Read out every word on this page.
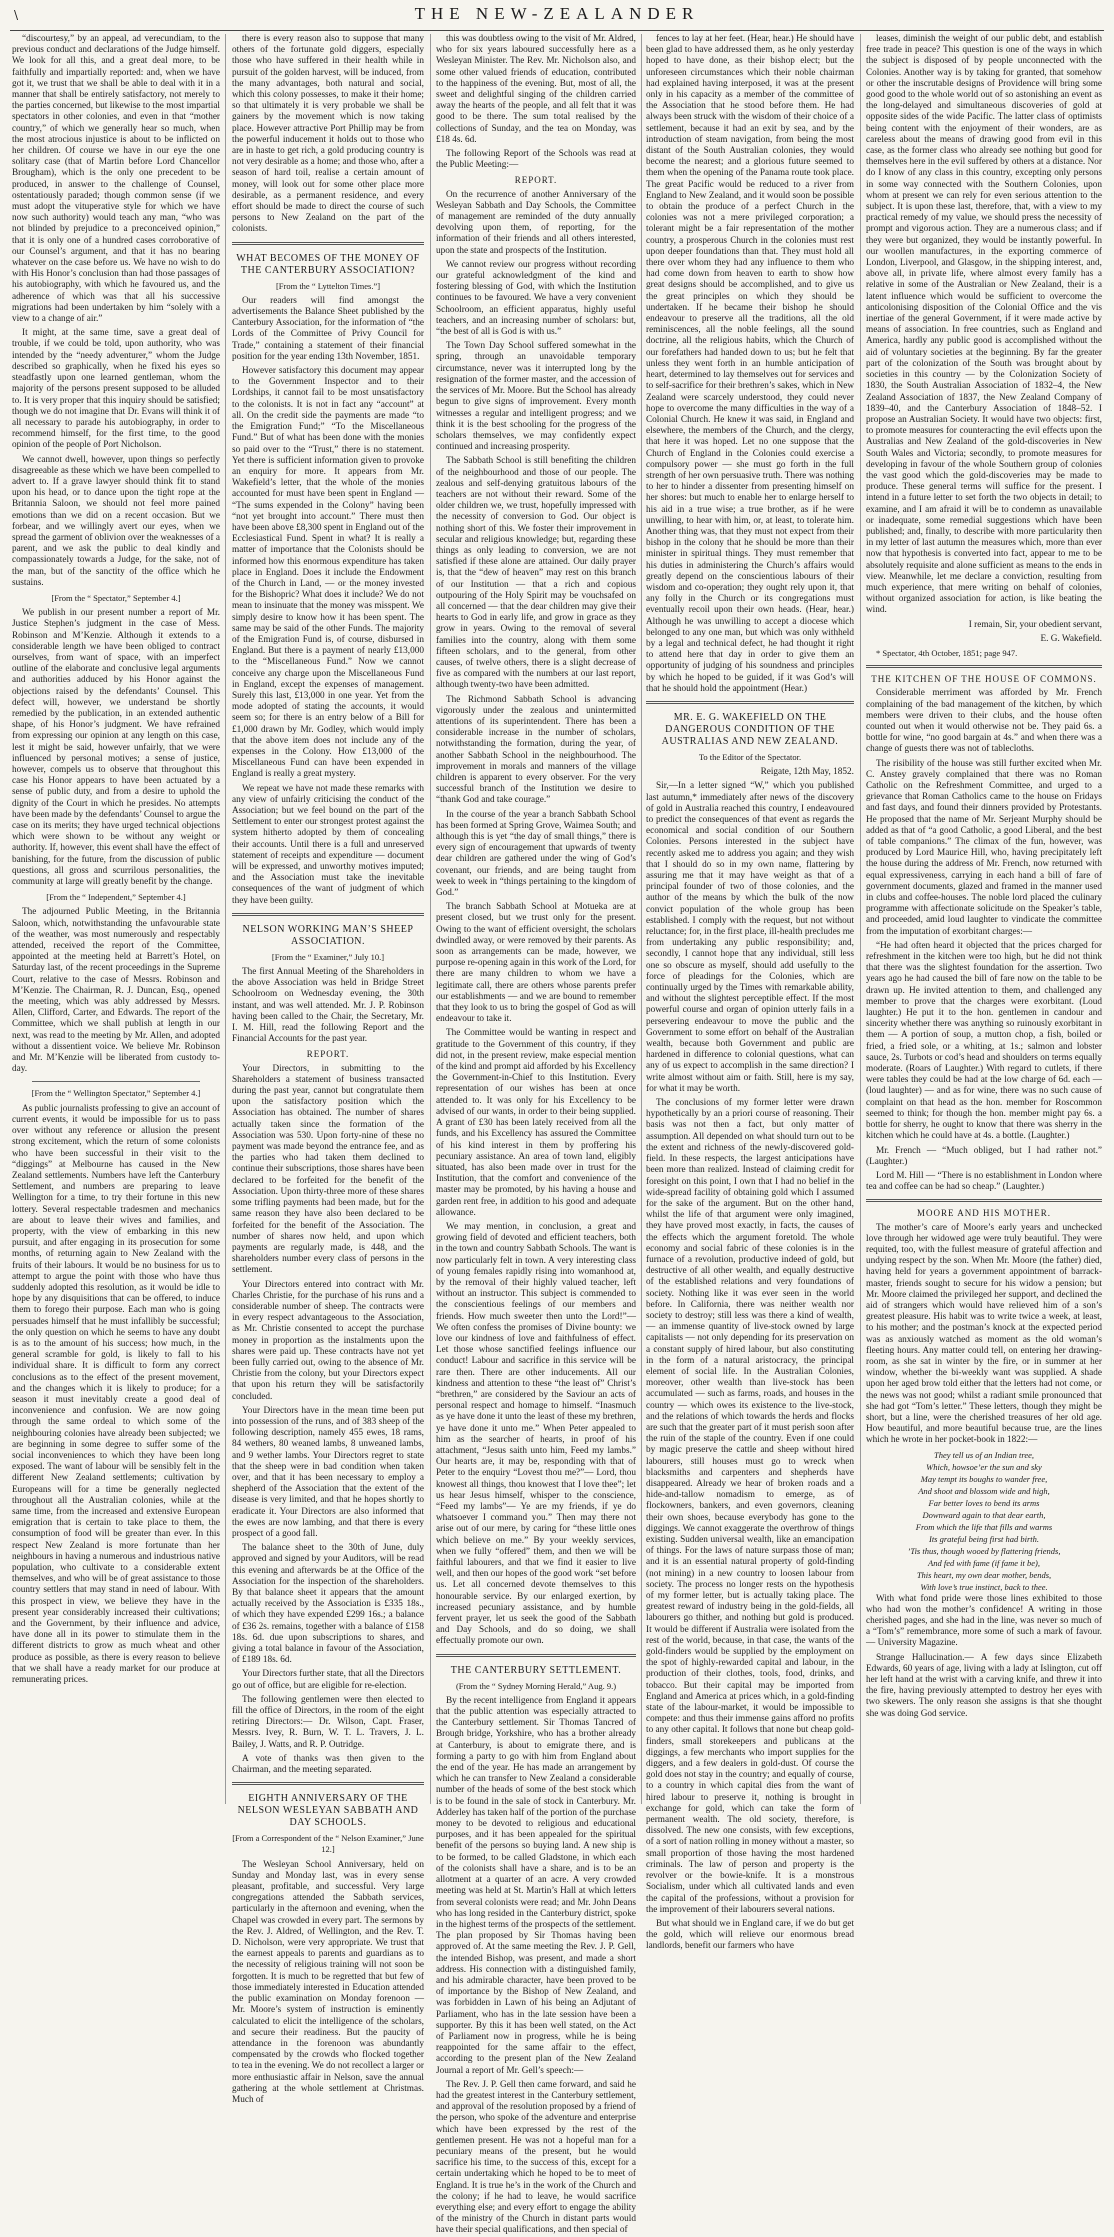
\	THE NEW-ZEALANDER

“discourtesy,” by an appeal, ad verecundiam, to the previous conduct and declarations of the Judge himself. We look for all this, and a great deal more, to be faithfully and impartially reported: and, when we have got it, we trust that we shall be able to deal with it in a manner that shall be entirely satisfactory, not merely to the parties concerned, but likewise to the most impartial spectators in other colonies, and even in that “mother country,” of which we generally hear so much, when the most atrocious injustice is about to be inflicted on her children. Of course we have in our eye the one solitary case (that of Martin before Lord Chancellor Brougham), which is the only one precedent to be produced, in answer to the challenge of Counsel, ostentatiously paraded; though common sense (if we must adopt the vituperative style for which we have now such authority) would teach any man, “who was not blinded by prejudice to a preconceived opinion,” that it is only one of a hundred cases corroborative of our Counsel’s argument, and that it has no bearing whatever on the case before us. We have no wish to do with His Honor’s conclusion than had those passages of his autobiography, with which he favoured us, and the adherence of which was that all his successive migrations had been undertaken by him “solely with a view to a change of air.”

It might, at the same time, save a great deal of trouble, if we could be told, upon authority, who was intended by the “needy adventurer,” whom the Judge described so graphically, when he fixed his eyes so steadfastly upon one learned gentleman, whom the majority of the persons present supposed to be alluded to. It is very proper that this inquiry should be satisfied; though we do not imagine that Dr. Evans will think it of all necessary to parade his autobiography, in order to recommend himself, for the first time, to the good opinion of the people of Port Nicholson.

We cannot dwell, however, upon things so perfectly disagreeable as these which we have been compelled to advert to. If a grave lawyer should think fit to stand upon his head, or to dance upon the tight rope at the Britannia Saloon, we should not feel more pained emotions than we did on a recent occasion. But we forbear, and we willingly avert our eyes, when we spread the garment of oblivion over the weaknesses of a parent, and we ask the public to deal kindly and compassionately towards a Judge, for the sake, not of the man, but of the sanctity of the office which he sustains.

[From the “ Spectator,” September 4.]

We publish in our present number a report of Mr. Justice Stephen’s judgment in the case of Mess. Robinson and M’Kenzie. Although it extends to a considerable length we have been obliged to contract ourselves, from want of space, with an imperfect outline of the elaborate and conclusive legal arguments and authorities adduced by his Honor against the objections raised by the defendants’ Counsel. This defect will, however, we understand be shortly remedied by the publication, in an extended authentic shape, of his Honor’s judgment. We have refrained from expressing our opinion at any length on this case, lest it might be said, however unfairly, that we were influenced by personal motives; a sense of justice, however, compels us to observe that throughout this case his Honor appears to have been actuated by a sense of public duty, and from a desire to uphold the dignity of the Court in which he presides. No attempts have been made by the defendants’ Counsel to argue the case on its merits; they have urged technical objections which were shown to be without any weight or authority. If, however, this event shall have the effect of banishing, for the future, from the discussion of public questions, all gross and scurrilous personalities, the community at large will greatly benefit by the change.

[From the “ Independent,” September 4.]

The adjourned Public Meeting, in the Britannia Saloon, which, notwithstanding the unfavourable state of the weather, was most numerously and respectably attended, received the report of the Committee, appointed at the meeting held at Barrett’s Hotel, on Saturday last, of the recent proceedings in the Supreme Court, relative to the case of Messrs. Robinson and M’Kenzie. The Chairman, R. J. Duncan, Esq., opened the meeting, which was ably addressed by Messrs. Allen, Clifford, Carter, and Edwards. The report of the Committee, which we shall publish at length in our next, was read to the meeting by Mr. Allen, and adopted without a dissentient voice. We believe Mr. Robinson and Mr. M’Kenzie will be liberated from custody to-day.

[From the “ Wellington Spectator,” September 4.]

As public journalists professing to give an account of current events, it would be impossible for us to pass over without any reference or allusion the present strong excitement, which the return of some colonists who have been successful in their visit to the “diggings” at Melbourne has caused in the New Zealand settlements. Numbers have left the Canterbury Settlement, and numbers are preparing to leave Wellington for a time, to try their fortune in this new lottery. Several respectable tradesmen and mechanics are about to leave their wives and families, and property, with the view of embarking in this new pursuit, and after engaging in its prosecution for some months, of returning again to New Zealand with the fruits of their labours. It would be no business for us to attempt to argue the point with those who have thus suddenly adopted this resolution, as it would be idle to hope by any disquisitions that can be offered, to induce them to forego their purpose. Each man who is going persuades himself that he must infallibly be successful; the only question on which he seems to have any doubt is as to the amount of his success; how much, in the general scramble for gold, is likely to fall to his individual share. It is difficult to form any correct conclusions as to the effect of the present movement, and the changes which it is likely to produce; for a season it must inevitably create a good deal of inconvenience and confusion. We are now going through the same ordeal to which some of the neighbouring colonies have already been subjected; we are beginning in some degree to suffer some of the social inconveniences to which they have been long exposed. The want of labour will be sensibly felt in the different New Zealand settlements; cultivation by Europeans will for a time be generally neglected throughout all the Australian colonies, while at the same time, from the increased and extensive European emigration that is certain to take place to them, the consumption of food will be greater than ever. In this respect New Zealand is more fortunate than her neighbours in having a numerous and industrious native population, who cultivate to a considerable extent themselves, and who will be of great assistance to those country settlers that may stand in need of labour. With this prospect in view, we believe they have in the present year considerably increased their cultivations; and the Government, by their influence and advice, have done all in its power to stimulate them in the different districts to grow as much wheat and other produce as possible, as there is every reason to believe that we shall have a ready market for our produce at remunerating prices.

there is every reason also to suppose that many others of the fortunate gold diggers, especially those who have suffered in their health while in pursuit of the golden harvest, will be induced, from the many advantages, both natural and social, which this colony possesses, to make it their home; so that ultimately it is very probable we shall be gainers by the movement which is now taking place. However attractive Port Phillip may be from the powerful inducement it holds out to those who are in haste to get rich, a gold producing country is not very desirable as a home; and those who, after a season of hard toil, realise a certain amount of money, will look out for some other place more desirable, as a permanent residence, and every effort should be made to direct the course of such persons to New Zealand on the part of the colonists.

WHAT BECOMES OF THE MONEY OF THE CANTERBURY ASSOCIATION?

[From the “ Lyttelton Times.”]

Our readers will find amongst the advertisements the Balance Sheet published by the Canterbury Association, for the information of “the Lords of the Committee of Privy Council for Trade,” containing a statement of their financial position for the year ending 13th November, 1851.

However satisfactory this document may appear to the Government Inspector and to their Lordships, it cannot fail to be most unsatisfactory to the colonists. It is not in fact any “account” at all. On the credit side the payments are made “to the Emigration Fund;” “To the Miscellaneous Fund.” But of what has been done with the monies so paid over to the “Trust,” there is no statement. Yet there is sufficient information given to provoke an enquiry for more. It appears from Mr. Wakefield’s letter, that the whole of the monies accounted for must have been spent in England — “The sums expended in the Colony” having been “not yet brought into account.” There must then have been above £8,300 spent in England out of the Ecclesiastical Fund. Spent in what? It is really a matter of importance that the Colonists should be informed how this enormous expenditure has taken place in England. Does it include the Endowment of the Church in Land, — or the money invested for the Bishopric? What does it include? We do not mean to insinuate that the money was misspent. We simply desire to know how it has been spent. The same may be said of the other Funds. The majority of the Emigration Fund is, of course, disbursed in England. But there is a payment of nearly £13,000 to the “Miscellaneous Fund.” Now we cannot conceive any charge upon the Miscellaneous Fund in England, except the expenses of management. Surely this last, £13,000 in one year. Yet from the mode adopted of stating the accounts, it would seem so; for there is an entry below of a Bill for £1,000 drawn by Mr. Godley, which would imply that the above item does not include any of the expenses in the Colony. How £13,000 of the Miscellaneous Fund can have been expended in England is really a great mystery.

We repeat we have not made these remarks with any view of unfairly criticising the conduct of the Association; but we feel bound on the part of the Settlement to enter our strongest protest against the system hitherto adopted by them of concealing their accounts. Until there is a full and unreserved statement of receipts and expenditure — document will be expressed, and unworthy motives imputed; and the Association must take the inevitable consequences of the want of judgment of which they have been guilty.

NELSON WORKING MAN’S SHEEP ASSOCIATION.

[From the “ Examiner,” July 10.]

The first Annual Meeting of the Shareholders in the above Association was held in Bridge Street Schoolroom on Wednesday evening, the 30th instant, and was well attended. Mr. J. P. Robinson having been called to the Chair, the Secretary, Mr. I. M. Hill, read the following Report and the Financial Accounts for the past year.

REPORT.

Your Directors, in submitting to the Shareholders a statement of business transacted during the past year, cannot but congratulate them upon the satisfactory position which the Association has obtained. The number of shares actually taken since the formation of the Association was 530. Upon forty-nine of these no payment was made beyond the entrance fee, and as the parties who had taken them declined to continue their subscriptions, those shares have been declared to be forfeited for the benefit of the Association. Upon thirty-three more of these shares some trifling payments had been made, but for the same reason they have also been declared to be forfeited for the benefit of the Association. The number of shares now held, and upon which payments are regularly made, is 448, and the shareholders number every class of persons in the settlement.

Your Directors entered into contract with Mr. Charles Christie, for the purchase of his runs and a considerable number of sheep. The contracts were in every respect advantageous to the Association, as Mr. Christie consented to accept the purchase money in proportion as the instalments upon the shares were paid up. These contracts have not yet been fully carried out, owing to the absence of Mr. Christie from the colony, but your Directors expect that upon his return they will be satisfactorily concluded.

Your Directors have in the mean time been put into possession of the runs, and of 383 sheep of the following description, namely 455 ewes, 18 rams, 84 wethers, 80 weaned lambs, 8 unweaned lambs, and 9 wether lambs. Your Directors regret to state that the sheep were in bad condition when taken over, and that it has been necessary to employ a shepherd of the Association that the extent of the disease is very limited, and that he hopes shortly to eradicate it. Your Directors are also informed that the ewes are now lambing, and that there is every prospect of a good fall.

The balance sheet to the 30th of June, duly approved and signed by your Auditors, will be read this evening and afterwards be at the Office of the Association for the inspection of the shareholders. By that balance sheet it appears that the amount actually received by the Association is £335 18s., of which they have expended £299 16s.; a balance of £36 2s. remains, together with a balance of £158 18s. 6d. due upon subscriptions to shares, and giving a total balance in favour of the Association, of £189 18s. 6d.

Your Directors further state, that all the Directors go out of office, but are eligible for re-election.

The following gentlemen were then elected to fill the office of Directors, in the room of the eight retiring Directors:— Dr. Wilson, Capt. Fraser, Messrs. Ivey, R. Burn, W. T. L. Travers, J. L. Bailey, J. Watts, and R. P. Outridge.

A vote of thanks was then given to the Chairman, and the meeting separated.

EIGHTH ANNIVERSARY OF THE NELSON WESLEYAN SABBATH AND DAY SCHOOLS.

[From a Correspondent of the “ Nelson Examiner,” June 12.]

The Wesleyan School Anniversary, held on Sunday and Monday last, was in every sense pleasant, profitable, and successful. Very large congregations attended the Sabbath services, particularly in the afternoon and evening, when the Chapel was crowded in every part. The sermons by the Rev. J. Aldred, of Wellington, and the Rev. T. D. Nicholson, were very appropriate. We trust that the earnest appeals to parents and guardians as to the necessity of religious training will not soon be forgotten. It is much to be regretted that but few of those immediately interested in Education attended the public examination on Monday forenoon — Mr. Moore’s system of instruction is eminently calculated to elicit the intelligence of the scholars, and secure their readiness. But the paucity of attendance in the forenoon was abundantly compensated by the crowds who flocked together to tea in the evening. We do not recollect a larger or more enthusiastic affair in Nelson, save the annual gathering at the whole settlement at Christmas. Much of

this was doubtless owing to the visit of Mr. Aldred, who for six years laboured successfully here as a Wesleyan Minister. The Rev. Mr. Nicholson also, and some other valued friends of education, contributed to the happiness of the evening. But, most of all, the sweet and delightful singing of the children carried away the hearts of the people, and all felt that it was good to be there. The sum total realised by the collections of Sunday, and the tea on Monday, was £18 4s. 6d.

The following Report of the Schools was read at the Public Meeting:—

REPORT.

On the recurrence of another Anniversary of the Wesleyan Sabbath and Day Schools, the Committee of management are reminded of the duty annually devolving upon them, of reporting, for the information of their friends and all others interested, upon the state and prospects of the Institution.

We cannot review our progress without recording our grateful acknowledgment of the kind and fostering blessing of God, with which the Institution continues to be favoured. We have a very convenient Schoolroom, an efficient apparatus, highly useful teachers, and an increasing number of scholars: but, “the best of all is God is with us.”

The Town Day School suffered somewhat in the spring, through an unavoidable temporary circumstance, never was it interrupted long by the resignation of the former master, and the accession of the services of Mr. Moore. But the School has already begun to give signs of improvement. Every month witnesses a regular and intelligent progress; and we think it is the best schooling for the progress of the scholars themselves, we may confidently expect continued and increasing prosperity.

The Sabbath School is still benefiting the children of the neighbourhood and those of our people. The zealous and self-denying gratuitous labours of the teachers are not without their reward. Some of the older children we, we trust, hopefully impressed with the necessity of conversion to God. Our object is nothing short of this. We foster their improvement in secular and religious knowledge; but, regarding these things as only leading to conversion, we are not satisfied if these alone are attained. Our daily prayer is, that the “dew of heaven” may rest on this branch of our Institution — that a rich and copious outpouring of the Holy Spirit may be vouchsafed on all concerned — that the dear children may give their hearts to God in early life, and grow in grace as they grow in years. Owing to the removal of several families into the country, along with them some fifteen scholars, and to the general, from other causes, of twelve others, there is a slight decrease of five as compared with the numbers at our last report, although twenty-two have been admitted.

The Richmond Sabbath School is advancing vigorously under the zealous and unintermitted attentions of its superintendent. There has been a considerable increase in the number of scholars, notwithstanding the formation, during the year, of another Sabbath School in the neighbourhood. The improvement in morals and manners of the village children is apparent to every observer. For the very successful branch of the Institution we desire to “thank God and take courage.”

In the course of the year a branch Sabbath School has been formed at Spring Grove, Waimea South; and although this is yet “the day of small things,” there is every sign of encouragement that upwards of twenty dear children are gathered under the wing of God’s covenant, our friends, and are being taught from week to week in “things pertaining to the kingdom of God.”

The branch Sabbath School at Motueka are at present closed, but we trust only for the present. Owing to the want of efficient oversight, the scholars dwindled away, or were removed by their parents. As soon as arrangements can be made, however, we purpose re-opening again in this work of the Lord, for there are many children to whom we have a legitimate call, there are others whose parents prefer our establishments — and we are bound to remember that they look to us to bring the gospel of God as will endeavour to take it.

The Committee would be wanting in respect and gratitude to the Government of this country, if they did not, in the present review, make especial mention of the kind and prompt aid afforded by his Excellency the Government-in-Chief to this Institution. Every representation of our wishes has been at once attended to. It was only for his Excellency to be advised of our wants, in order to their being supplied. A grant of £30 has been lately received from all the funds, and his Excellency has assured the Committee of his kind interest in them by proffering his pecuniary assistance. An area of town land, eligibly situated, has also been made over in trust for the Institution, that the comfort and convenience of the master may be promoted, by his having a house and garden rent free, in addition to his good and adequate allowance.

We may mention, in conclusion, a great and growing field of devoted and efficient teachers, both in the town and country Sabbath Schools. The want is now particularly felt in town. A very interesting class of young females rapidly rising into womanhood at, by the removal of their highly valued teacher, left without an instructor. This subject is commended to the conscientious feelings of our members and friends. How much sweeter then unto the Lord!”— We often confess the promises of Divine bounty: we love our kindness of love and faithfulness of effect. Let those whose sanctified feelings influence our conduct! Labour and sacrifice in this service will be rare then. There are other inducements. All our kindness and attention to these “the least of” Christ’s “brethren,” are considered by the Saviour an acts of personal respect and homage to himself. “Inasmuch as ye have done it unto the least of these my brethren, ye have done it unto me.” When Peter appealed to him as the searcher of hearts, in proof of his attachment, “Jesus saith unto him, Feed my lambs.” Our hearts are, it may be, responding with that of Peter to the enquiry “Lovest thou me?”— Lord, thou knowest all things, thou knowest that I love thee”; let us hear Jesus himself, whisper to the conscience, “Feed my lambs”— Ye are my friends, if ye do whatsoever I command you.” Then may there not arise out of our mere, by caring for “these little ones which believe on me.” By your weekly services, when we fully “offered” them, and then we will be faithful labourers, and that we find it easier to live well, and then our hopes of the good work “set before us. Let all concerned devote themselves to this honourable service. By our enlarged exertion, by increased pecuniary assistance, and by humble fervent prayer, let us seek the good of the Sabbath and Day Schools, and do so doing, we shall effectually promote our own.

THE CANTERBURY SETTLEMENT.

(From the “ Sydney Morning Herald,” Aug. 9.)

By the recent intelligence from England it appears that the public attention was especially attracted to the Canterbury settlement. Sir Thomas Tancred of Brough bridge, Yorkshire, who has a brother already at Canterbury, is about to emigrate there, and is forming a party to go with him from England about the end of the year. He has made an arrangement by which he can transfer to New Zealand a considerable number of the heads of some of the best stock which is to be found in the sale of stock in Canterbury. Mr. Adderley has taken half of the portion of the purchase money to be devoted to religious and educational purposes, and it has been appealed for the spiritual benefit of the persons so buying land. A new ship is to be formed, to be called Gladstone, in which each of the colonists shall have a share, and is to be an allotment at a quarter of an acre. A very crowded meeting was held at St. Martin’s Hall at which letters from several colonists were read; and Mr. John Deans who has long resided in the Canterbury district, spoke in the highest terms of the prospects of the settlement. The plan proposed by Sir Thomas having been approved of. At the same meeting the Rev. J. P. Gell, the intended Bishop, was present, and made a short address. His connection with a distinguished family, and his admirable character, have been proved to be of importance by the Bishop of New Zealand, and was forbidden in Lawn of his being an Adjutant of Parliament, who has in the late session have been a supporter. By this it has been well stated, on the Act of Parliament now in progress, while he is being reappointed for the same affair to the effect, according to the present plan of the New Zealand Journal a report of Mr. Gell’s speech:—

The Rev. J. P. Gell then came forward, and said he had the greatest interest in the Canterbury settlement, and approval of the resolution proposed by a friend of the person, who spoke of the adventure and enterprise which have been expressed by the rest of the gentlemen present. He was not a hopeful man for a pecuniary means of the present, but he would sacrifice his time, to the success of this, except for a certain undertaking which he hoped to be to meet of England. It is true he’s in the work of the Church and the colony; if he had to leave, he would sacrifice everything else; and every effort to engage the ability of the ministry of the Church in distant parts would have their special qualifications, and then special of

fences to lay at her feet. (Hear, hear.) He should have been glad to have addressed them, as he only yesterday hoped to have done, as their bishop elect; but the unforeseen circumstances which their noble chairman had explained having interposed, it was at the present only in his capacity as a member of the committee of the Association that he stood before them. He had always been struck with the wisdom of their choice of a settlement, because it had an exit by sea, and by the introduction of steam navigation, from being the most distant of the South Australian colonies, they would become the nearest; and a glorious future seemed to them when the opening of the Panama route took place. The great Pacific would be reduced to a river from England to New Zealand, and it would soon be possible to obtain the produce of a perfect Church in the colonies was not a mere privileged corporation; a tolerant might be a fair representation of the mother country, a prosperous Church in the colonies must rest upon deeper foundations than that. They must hold all there over whom they had any influence to them who had come down from heaven to earth to show how great designs should be accomplished, and to give us the great principles on which they should be undertaken. If he became their bishop he should endeavour to preserve all the traditions, all the old reminiscences, all the noble feelings, all the sound doctrine, all the religious habits, which the Church of our forefathers had handed down to us; but he felt that unless they went forth in an humble anticipation of heart, determined to lay themselves out for services and to self-sacrifice for their brethren’s sakes, which in New Zealand were scarcely understood, they could never hope to overcome the many difficulties in the way of a Colonial Church. He knew it was said, in England and elsewhere, the members of the Church, and the clergy, that here it was hoped. Let no one suppose that the Church of England in the Colonies could exercise a compulsory power — she must go forth in the full strength of her own persuasive truth. There was nothing to her to hinder a dissenter from presenting himself on her shores: but much to enable her to enlarge herself to his aid in a true wise; a true brother, as if he were unwilling, to hear with him, or, at least, to tolerate him. Another thing was, that they must not expect from their bishop in the colony that he should be more than their minister in spiritual things. They must remember that his duties in administering the Church’s affairs would greatly depend on the conscientious labours of their wisdom and co-operation; they ought rely upon it, that any folly in the Church or its congregations must eventually recoil upon their own heads. (Hear, hear.) Although he was unwilling to accept a diocese which belonged to any one man, but which was only withheld by a legal and technical defect, he had thought it right to attend here that day in order to give them an opportunity of judging of his soundness and principles by which he hoped to be guided, if it was God’s will that he should hold the appointment (Hear.)

MR. E. G. WAKEFIELD ON THE DANGEROUS CONDITION OF THE AUSTRALIAS AND NEW ZEALAND.

To the Editor of the Spectator.

Reigate, 12th May, 1852.

Sir,—In a letter signed “W,” which you published last autumn,* immediately after news of the discovery of gold in Australia reached this country, I endeavoured to predict the consequences of that event as regards the economical and social condition of our Southern Colonies. Persons interested in the subject have recently asked me to address you again; and they wish that I should do so in my own name, flattering by assuring me that it may have weight as that of a principal founder of two of those colonies, and the author of the means by which the bulk of the now convict population of the whole group has been established. I comply with the request, but not without reluctance; for, in the first place, ill-health precludes me from undertaking any public responsibility; and, secondly, I cannot hope that any individual, still less one so obscure as myself, should add usefully to the force of pleadings for the Colonies, which are continually urged by the Times with remarkable ability, and without the slightest perceptible effect. If the most powerful course and organ of opinion utterly fails in a persevering endeavour to move the public and the Government to some effort on behalf of the Australian wealth, because both Government and public are hardened in difference to colonial questions, what can any of us expect to accomplish in the same direction? I write almost without aim or faith. Still, here is my say, for what it may be worth.

The conclusions of my former letter were drawn hypothetically by an a priori course of reasoning. Their basis was not then a fact, but only matter of assumption. All depended on what should turn out to be the extent and richness of the newly-discovered gold-field. In these respects, the largest anticipations have been more than realized. Instead of claiming credit for foresight on this point, I own that I had no belief in the wide-spread facility of obtaining gold which I assumed for the sake of the argument. But on the other hand, whilst the life of that argument were only imagined, they have proved most exactly, in facts, the causes of the effects which the argument foretold. The whole economy and social fabric of these colonies is in the furnace of a revolution, productive indeed of gold, but destructive of all other wealth, and equally destructive of the established relations and very foundations of society. Nothing like it was ever seen in the world before. In California, there was neither wealth nor society to destroy; still less was there a kind of wealth, — an immense quantity of live-stock owned by large capitalists — not only depending for its preservation on a constant supply of hired labour, but also constituting in the form of a natural aristocracy, the principal element of social life. In the Australian Colonies, moreover, other wealth than live-stock has been accumulated — such as farms, roads, and houses in the country — which owes its existence to the live-stock, and the relations of which towards the herds and flocks are such that the greater part of it must perish soon after the ruin of the staple of the country. Even if one could by magic preserve the cattle and sheep without hired labourers, still houses must go to wreck when blacksmiths and carpenters and shepherds have disappeared. Already we hear of broken roads and a hide-and-tallow nomadism to emerge, as of flockowners, bankers, and even governors, cleaning their own shoes, because everybody has gone to the diggings. We cannot exaggerate the overthrow of things existing. Sudden universal wealth, like an emancipation of things. For the laws of nature surpass those of man; and it is an essential natural property of gold-finding (not mining) in a new country to loosen labour from society. The process no longer rests on the hypothesis of my former letter, but is actually taking place. The greatest reward of industry being in the gold-fields, all labourers go thither, and nothing but gold is produced. It would be different if Australia were isolated from the rest of the world, because, in that case, the wants of the gold-finders would be supplied by the employment on the spot of highly-rewarded capital and labour, in the production of their clothes, tools, food, drinks, and tobacco. But their capital may be imported from England and America at prices which, in a gold-finding state of the labour-market, it would be impossible to compete: and thus their immense gains afford no profits to any other capital. It follows that none but cheap gold-finders, small storekeepers and publicans at the diggings, a few merchants who import supplies for the diggers, and a few dealers in gold-dust. Of course the gold does not stay in the country; and equally of course, to a country in which capital dies from the want of hired labour to preserve it, nothing is brought in exchange for gold, which can take the form of permanent wealth. The old society, therefore, is dissolved. The new one consists, with few exceptions, of a sort of nation rolling in money without a master, so small proportion of those having the most hardened criminals. The law of person and property is the revolver or the bowie-knife. It is a monstrous Socialism, under which all cultivated lands and even the capital of the professions, without a provision for the improvement of their labourers several nations.

But what should we in England care, if we do but get the gold, which will relieve our enormous bread landlords, benefit our farmers who have

leases, diminish the weight of our public debt, and establish free trade in peace? This question is one of the ways in which the subject is disposed of by people unconnected with the Colonies. Another way is by taking for granted, that somehow or other the inscrutable designs of Providence will bring some good good to the whole world out of so astonishing an event as the long-delayed and simultaneous discoveries of gold at opposite sides of the wide Pacific. The latter class of optimists being content with the enjoyment of their wonders, are as careless about the means of drawing good from evil in this case, as the former class who already see nothing but good for themselves here in the evil suffered by others at a distance. Nor do I know of any class in this country, excepting only persons in some way connected with the Southern Colonies, upon whom at present we can rely for even serious attention to the subject. It is upon these last, therefore, that, with a view to my practical remedy of my value, we should press the necessity of prompt and vigorous action. They are a numerous class; and if they were but organized, they would be instantly powerful. In our woollen manufactures, in the exporting commerce of London, Liverpool, and Glasgow, in the shipping interest, and, above all, in private life, where almost every family has a relative in some of the Australian or New Zealand, their is a latent influence which would be sufficient to overcome the anticolonising disposition of the Colonial Office and the vis inertiae of the general Government, if it were made active by means of association. In free countries, such as England and America, hardly any public good is accomplished without the aid of voluntary societies at the beginning. By far the greater part of the colonization of the South was brought about by societies in this country — by the Colonization Society of 1830, the South Australian Association of 1832–4, the New Zealand Association of 1837, the New Zealand Company of 1839–40, and the Canterbury Association of 1848–52. I propose an Australian Society. It would have two objects: first, to promote measures for counteracting the evil effects upon the Australias and New Zealand of the gold-discoveries in New South Wales and Victoria; secondly, to promote measures for developing in favour of the whole Southern group of colonies the vast good which the gold-discoveries may be made to produce. These general terms will suffice for the present. I intend in a future letter to set forth the two objects in detail; to examine, and I am afraid it will be to condemn as unavailable or inadequate, some remedial suggestions which have been published; and, finally, to describe with more particularity then in my letter of last autumn the measures which, more than ever now that hypothesis is converted into fact, appear to me to be absolutely requisite and alone sufficient as means to the ends in view. Meanwhile, let me declare a conviction, resulting from much experience, that mere writing on behalf of colonies, without organized association for action, is like beating the wind.

I remain, Sir, your obedient servant,

E. G. Wakefield.

* Spectator, 4th October, 1851; page 947.

THE KITCHEN OF THE HOUSE OF COMMONS.

Considerable merriment was afforded by Mr. French complaining of the bad management of the kitchen, by which members were driven to their clubs, and the house often counted out when it would otherwise not be. They paid 6s. a bottle for wine, “no good bargain at 4s.” and when there was a change of guests there was not of tablecloths.

The risibility of the house was still further excited when Mr. C. Anstey gravely complained that there was no Roman Catholic on the Refreshment Committee, and urged to a grievance that Roman Catholics came to the house on Fridays and fast days, and found their dinners provided by Protestants. He proposed that the name of Mr. Serjeant Murphy should be added as that of “a good Catholic, a good Liberal, and the best of table companions.” The climax of the fun, however, was produced by Lord Maurice Hill, who, having precipitately left the house during the address of Mr. French, now returned with equal expressiveness, carrying in each hand a bill of fare of government documents, glazed and framed in the manner used in clubs and coffee-houses. The noble lord placed the culinary programme with affectionate solicitude on the Speaker’s table, and proceeded, amid loud laughter to vindicate the committee from the imputation of exorbitant charges:—

“He had often heard it objected that the prices charged for refreshment in the kitchen were too high, but he did not think that there was the slightest foundation for the assertion. Two years ago he had caused the bill of fare now on the table to be drawn up. He invited attention to them, and challenged any member to prove that the charges were exorbitant. (Loud laughter.) He put it to the hon. gentlemen in candour and sincerity whether there was anything so ruinously exorbitant in them — A portion of soup, a mutton chop, a fish, boiled or fried, a fried sole, or a whiting, at 1s.; salmon and lobster sauce, 2s. Turbots or cod’s head and shoulders on terms equally moderate. (Roars of Laughter.) With regard to cutlets, if there were tables they could be had at the low charge of 6d. each — (loud laughter) — and as for wine, there was no such cause of complaint on that head as the hon. member for Roscommon seemed to think; for though the hon. member might pay 6s. a bottle for sherry, he ought to know that there was sherry in the kitchen which he could have at 4s. a bottle. (Laughter.)

Mr. French — “Much obliged, but I had rather not.” (Laughter.)

Lord M. Hill — “There is no establishment in London where tea and coffee can be had so cheap.” (Laughter.)

MOORE AND HIS MOTHER.

The mother’s care of Moore’s early years and unchecked love through her widowed age were truly beautiful. They were requited, too, with the fullest measure of grateful affection and undying respect by the son. When Mr. Moore (the father) died, having held for years a government appointment of barrack-master, friends sought to secure for his widow a pension; but Mr. Moore claimed the privileged her support, and declined the aid of strangers which would have relieved him of a son’s greatest pleasure. His habit was to write twice a week, at least, to his mother; and the postman’s knock at the expected period was as anxiously watched as moment as the old woman’s fleeting hours. Any matter could tell, on entering her drawing-room, as she sat in winter by the fire, or in summer at her window, whether the bi-weekly want was supplied. A shade upon her aged brow told either that the letters had not come, or the news was not good; whilst a radiant smile pronounced that she had got “Tom’s letter.” These letters, though they might be short, but a line, were the cherished treasures of her old age. How beautiful, and more beautiful because true, are the lines which he wrote in her pocket-book in 1822:—

They tell us of an Indian tree,
Which, howsoe’er the sun and sky
May tempt its boughs to wander free,
And shoot and blossom wide and high,
Far better loves to bend its arms
Downward again to that dear earth,
From which the life that fills and warms
Its grateful being first had birth.
’Tis thus, though wooed by flattering friends,
And fed with fame (if fame it be),
This heart, my own dear mother, bends,
With love’s true instinct, back to thee.

With what fond pride were those lines exhibited to those who had won the mother’s confidence! A writing in those cherished pages, and she had in the line, was never so much of a “Tom’s” remembrance, more some of such a mark of favour.— University Magazine.

Strange Hallucination.— A few days since Elizabeth Edwards, 60 years of age, living with a lady at Islington, cut off her left hand at the wrist with a carving knife, and threw it into the fire, having previously attempted to destroy her eyes with two skewers. The only reason she assigns is that she thought she was doing God service.
